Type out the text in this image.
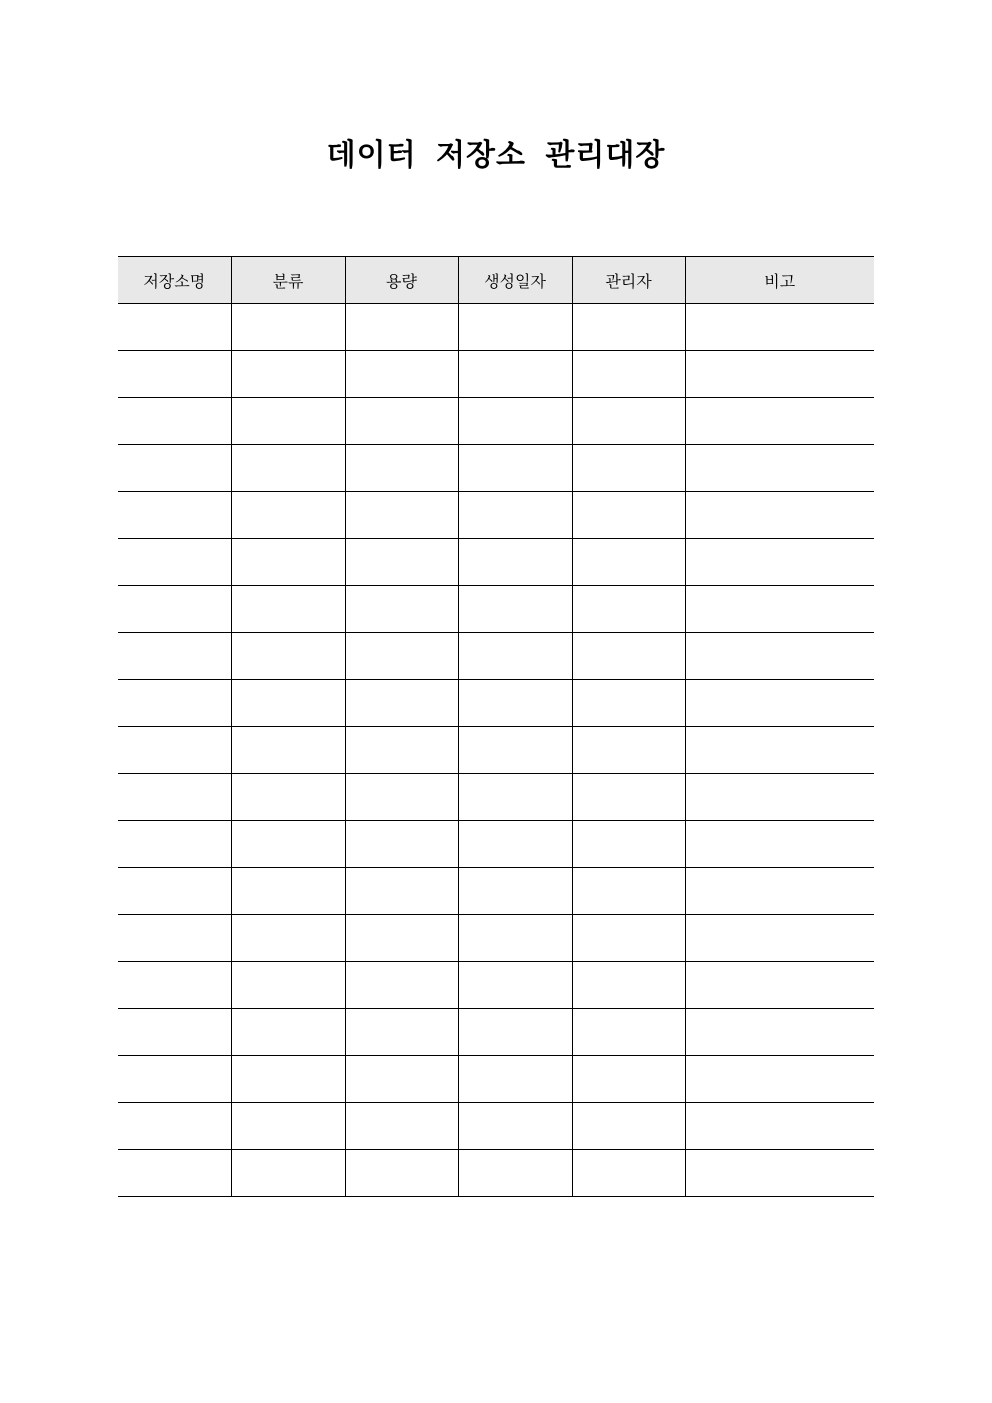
데이터 저장소 관리대장
저장소명	분류	용량	생성일자	관리자	비고
